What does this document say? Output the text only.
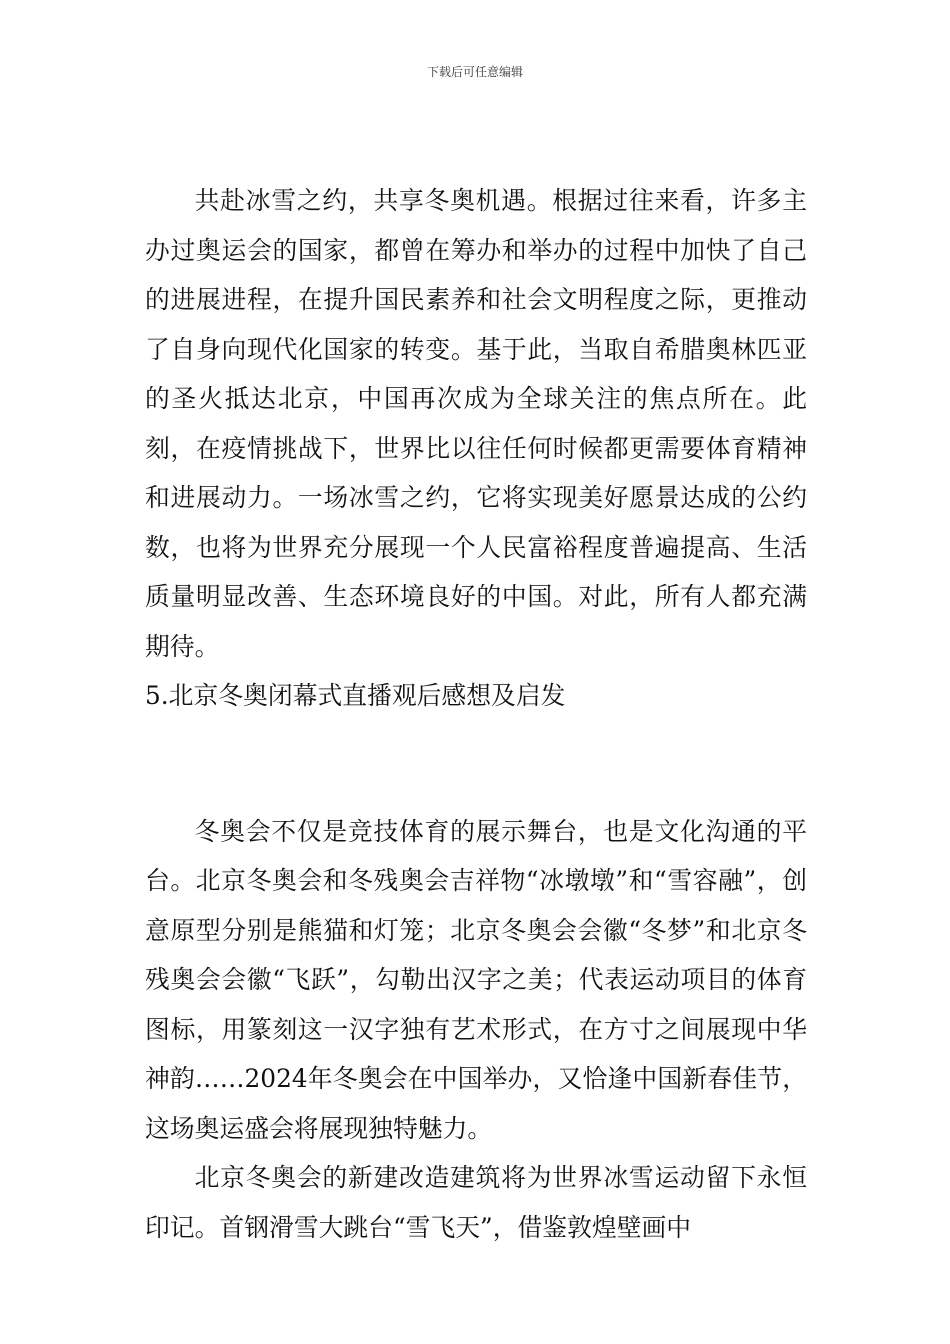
下载后可任意编辑

共赴冰雪之约，共享冬奥机遇。根据过往来看，许多主办过奥运会的国家，都曾在筹办和举办的过程中加快了自己的进展进程，在提升国民素养和社会文明程度之际，更推动了自身向现代化国家的转变。基于此，当取自希腊奥林匹亚的圣火抵达北京，中国再次成为全球关注的焦点所在。此刻，在疫情挑战下，世界比以往任何时候都更需要体育精神和进展动力。一场冰雪之约，它将实现美好愿景达成的公约数，也将为世界充分展现一个人民富裕程度普遍提高、生活质量明显改善、生态环境良好的中国。对此，所有人都充满期待。

5.北京冬奥闭幕式直播观后感想及启发

冬奥会不仅是竞技体育的展示舞台，也是文化沟通的平台。北京冬奥会和冬残奥会吉祥物“冰墩墩”和“雪容融”，创意原型分别是熊猫和灯笼；北京冬奥会会徽“冬梦”和北京冬残奥会会徽“飞跃”，勾勒出汉字之美；代表运动项目的体育图标，用篆刻这一汉字独有艺术形式，在方寸之间展现中华神韵……2024年冬奥会在中国举办，又恰逢中国新春佳节，这场奥运盛会将展现独特魅力。

北京冬奥会的新建改造建筑将为世界冰雪运动留下永恒印记。首钢滑雪大跳台“雪飞天”，借鉴敦煌壁画中
